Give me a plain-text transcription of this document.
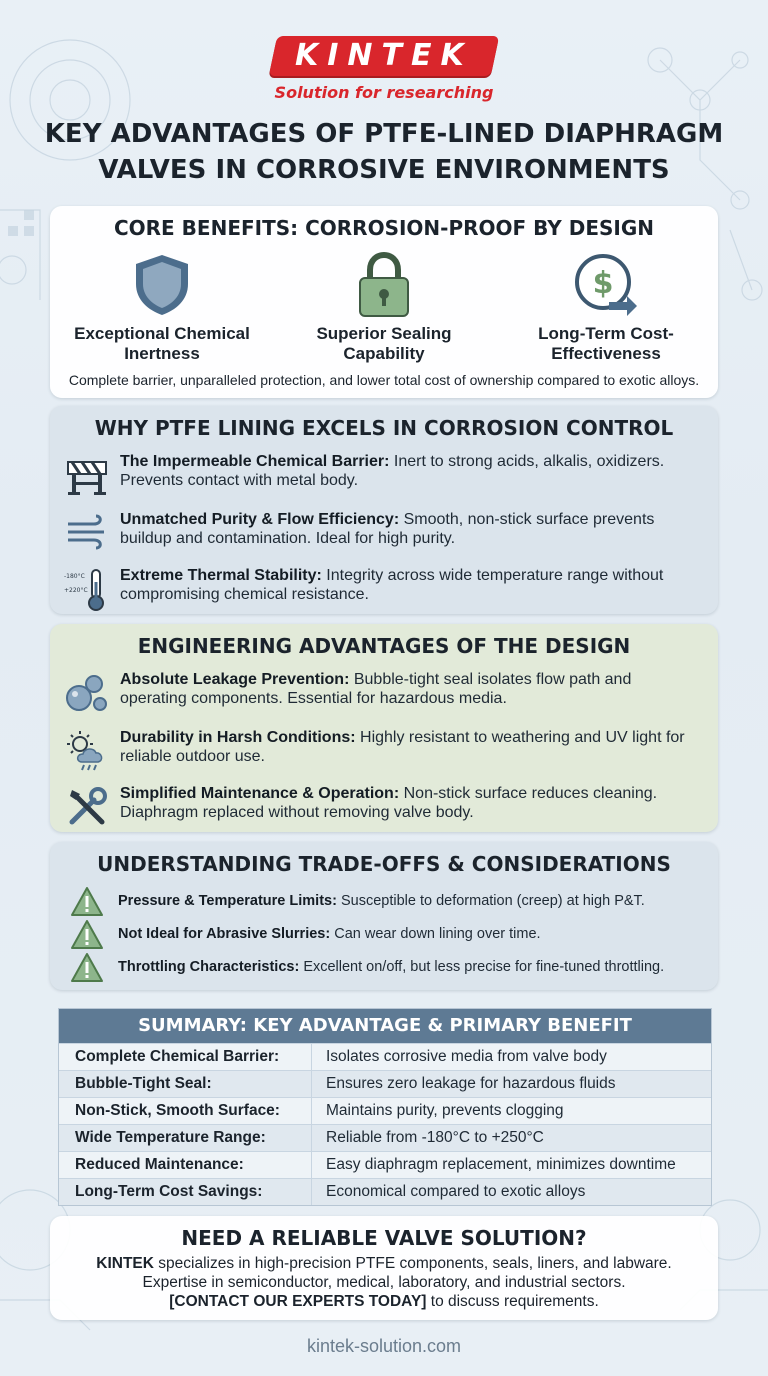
KINTEK
Solution for researching
KEY ADVANTAGES OF PTFE-LINED DIAPHRAGM VALVES IN CORROSIVE ENVIRONMENTS
CORE BENEFITS: CORROSION-PROOF BY DESIGN
Exceptional Chemical Inertness
Superior Sealing Capability
$
Long-Term Cost-Effectiveness
Complete barrier, unparalleled protection, and lower total cost of ownership compared to exotic alloys.
WHY PTFE LINING EXCELS IN CORROSION CONTROL
The Impermeable Chemical Barrier: Inert to strong acids, alkalis, oxidizers. Prevents contact with metal body.
Unmatched Purity & Flow Efficiency: Smooth, non-stick surface prevents buildup and contamination. Ideal for high purity.
-180°C
+220°C
Extreme Thermal Stability: Integrity across wide temperature range without compromising chemical resistance.
ENGINEERING ADVANTAGES OF THE DESIGN
Absolute Leakage Prevention: Bubble-tight seal isolates flow path and operating components. Essential for hazardous media.
Durability in Harsh Conditions: Highly resistant to weathering and UV light for reliable outdoor use.
Simplified Maintenance & Operation: Non-stick surface reduces cleaning. Diaphragm replaced without removing valve body.
UNDERSTANDING TRADE-OFFS & CONSIDERATIONS
Pressure & Temperature Limits: Susceptible to deformation (creep) at high P&T.
Not Ideal for Abrasive Slurries: Can wear down lining over time.
Throttling Characteristics: Excellent on/off, but less precise for fine-tuned throttling.
SUMMARY: KEY ADVANTAGE & PRIMARY BENEFIT
Complete Chemical Barrier:	Isolates corrosive media from valve body
Bubble-Tight Seal:	Ensures zero leakage for hazardous fluids
Non-Stick, Smooth Surface:	Maintains purity, prevents clogging
Wide Temperature Range:	Reliable from -180°C to +250°C
Reduced Maintenance:	Easy diaphragm replacement, minimizes downtime
Long-Term Cost Savings:	Economical compared to exotic alloys
NEED A RELIABLE VALVE SOLUTION?
KINTEK specializes in high-precision PTFE components, seals, liners, and labware.
Expertise in semiconductor, medical, laboratory, and industrial sectors.
[CONTACT OUR EXPERTS TODAY] to discuss requirements.
kintek-solution.com
